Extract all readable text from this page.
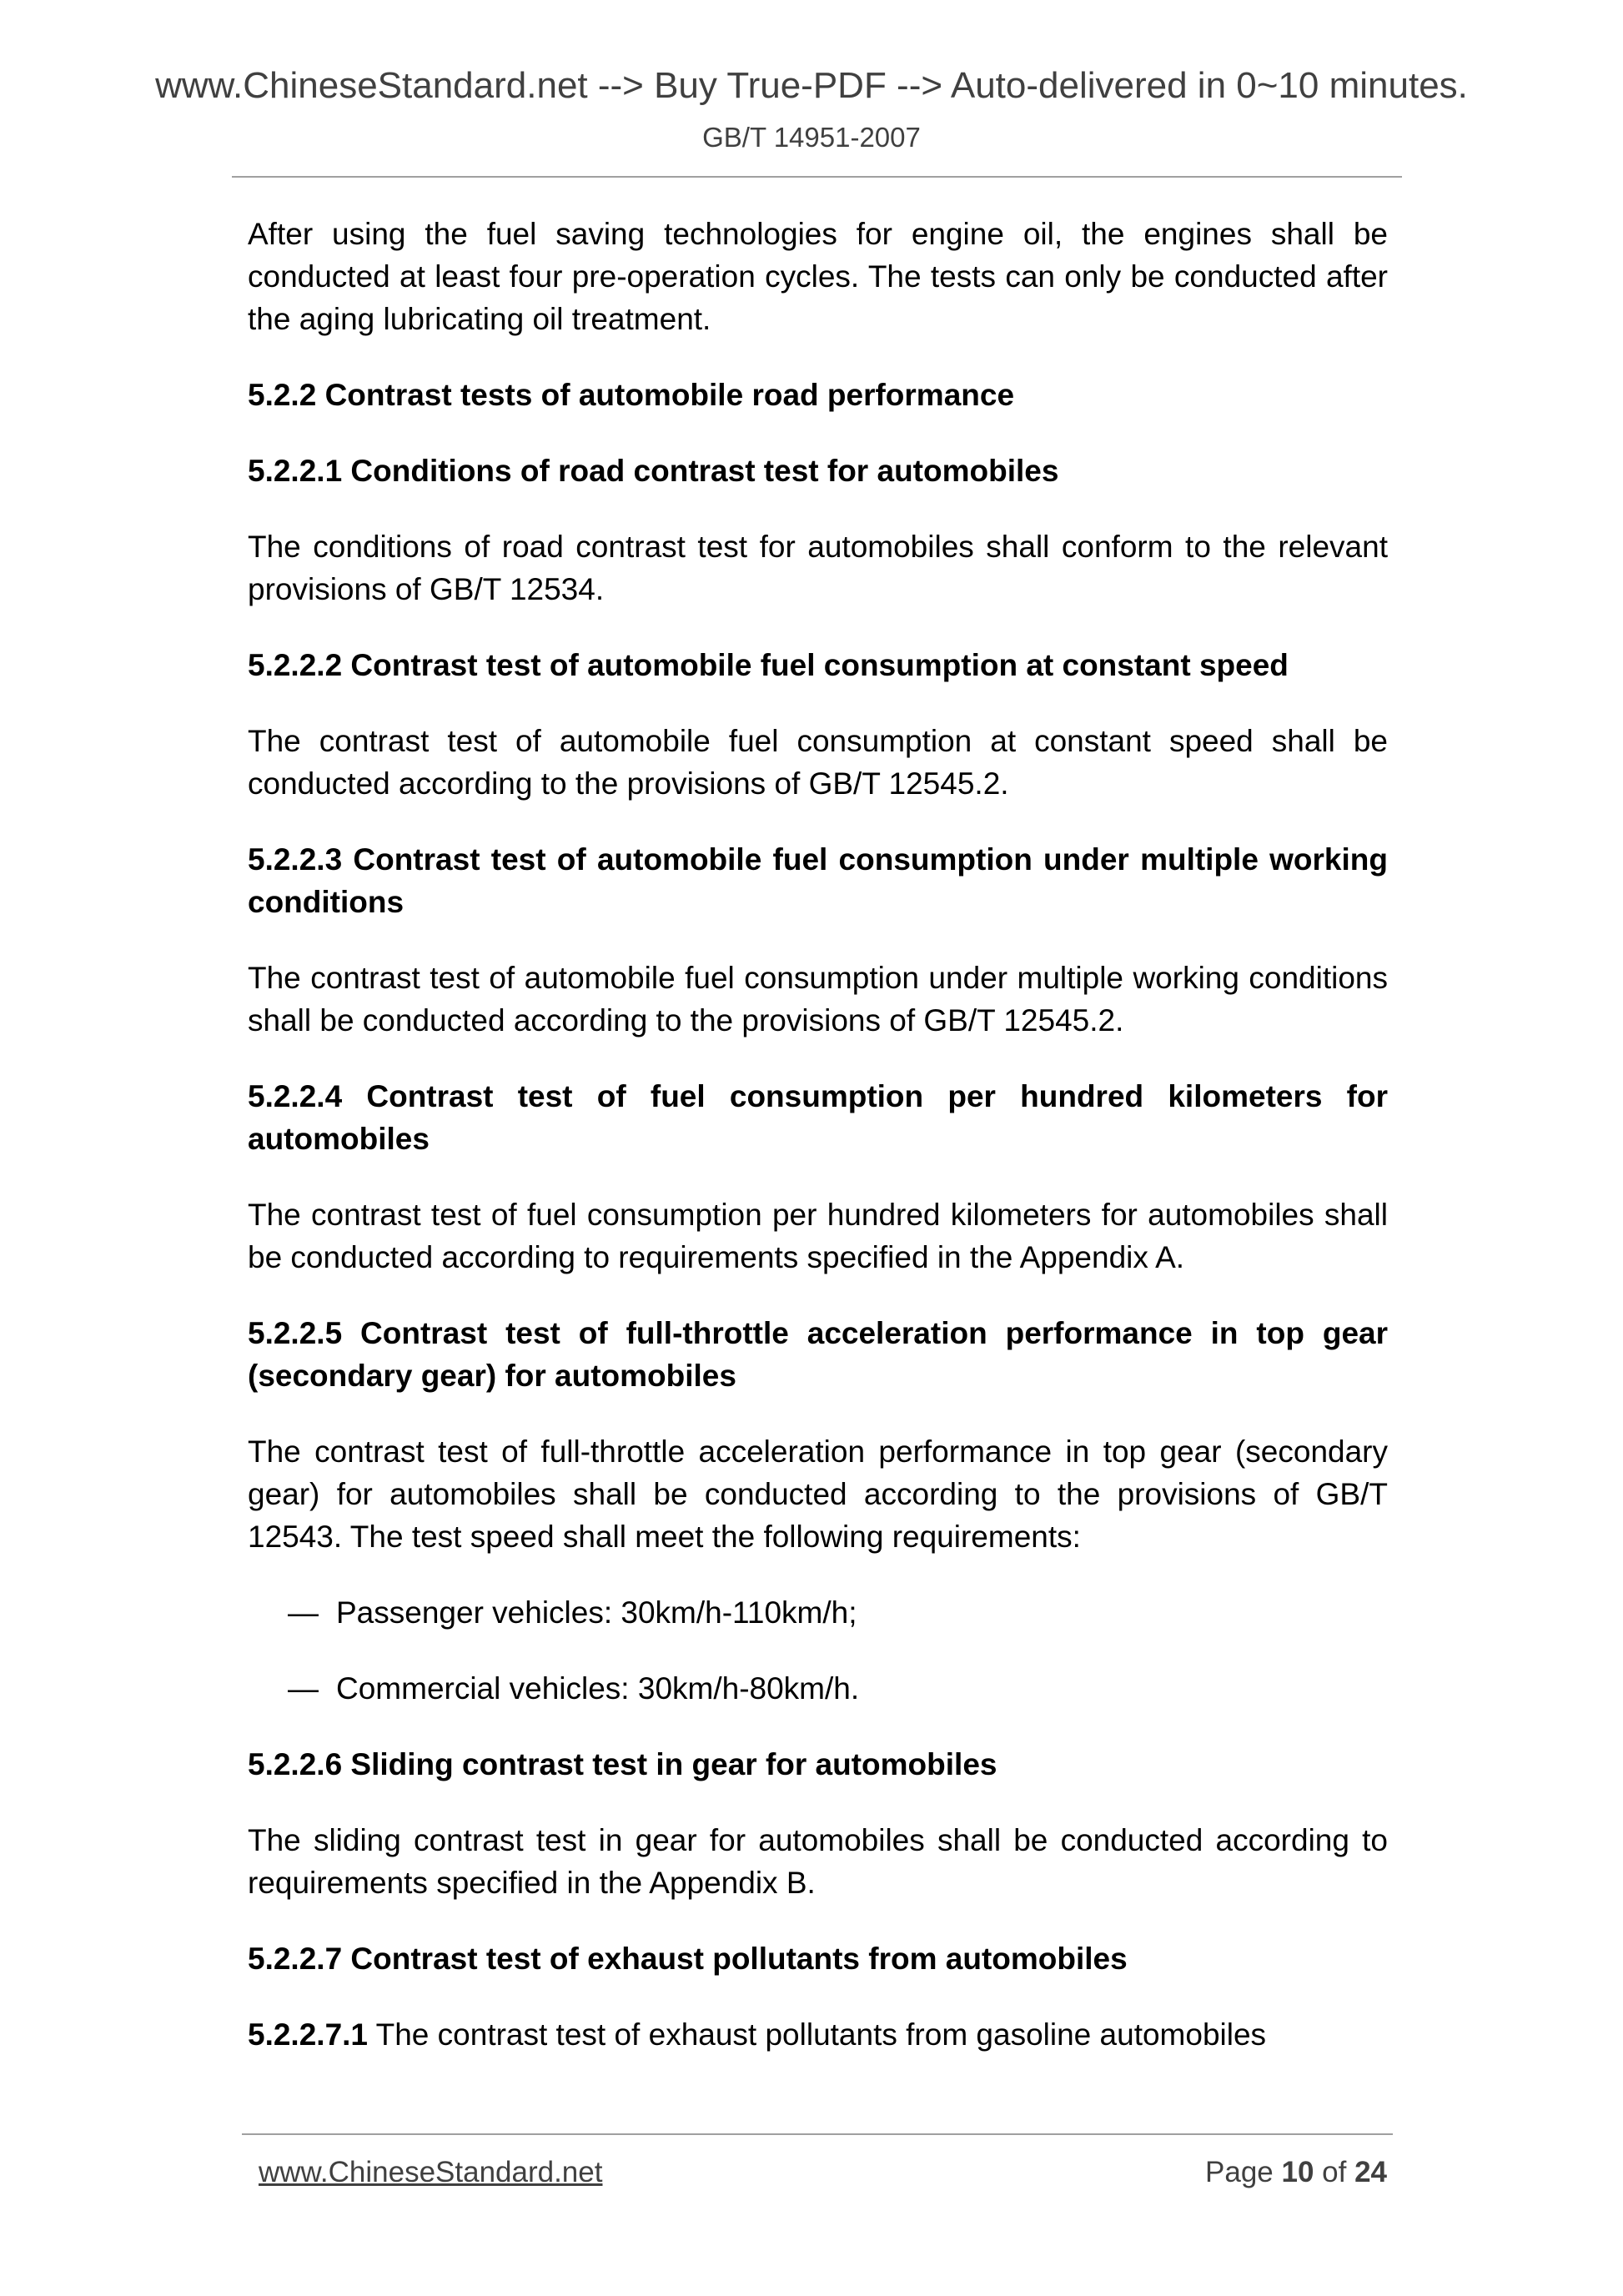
www.ChineseStandard.net --> Buy True-PDF --> Auto-delivered in 0~10 minutes.
GB/T 14951-2007

After using the fuel saving technologies for engine oil, the engines shall be conducted at least four pre-operation cycles. The tests can only be conducted after the aging lubricating oil treatment.

5.2.2 Contrast tests of automobile road performance

5.2.2.1 Conditions of road contrast test for automobiles

The conditions of road contrast test for automobiles shall conform to the relevant provisions of GB/T 12534.

5.2.2.2 Contrast test of automobile fuel consumption at constant speed

The contrast test of automobile fuel consumption at constant speed shall be conducted according to the provisions of GB/T 12545.2.

5.2.2.3 Contrast test of automobile fuel consumption under multiple working conditions

The contrast test of automobile fuel consumption under multiple working conditions shall be conducted according to the provisions of GB/T 12545.2.

5.2.2.4 Contrast test of fuel consumption per hundred kilometers for automobiles

The contrast test of fuel consumption per hundred kilometers for automobiles shall be conducted according to requirements specified in the Appendix A.

5.2.2.5 Contrast test of full-throttle acceleration performance in top gear (secondary gear) for automobiles

The contrast test of full-throttle acceleration performance in top gear (secondary gear) for automobiles shall be conducted according to the provisions of GB/T 12543. The test speed shall meet the following requirements:

— Passenger vehicles: 30km/h-110km/h;
— Commercial vehicles: 30km/h-80km/h.

5.2.2.6 Sliding contrast test in gear for automobiles

The sliding contrast test in gear for automobiles shall be conducted according to requirements specified in the Appendix B.

5.2.2.7 Contrast test of exhaust pollutants from automobiles

5.2.2.7.1 The contrast test of exhaust pollutants from gasoline automobiles

www.ChineseStandard.net	Page 10 of 24
